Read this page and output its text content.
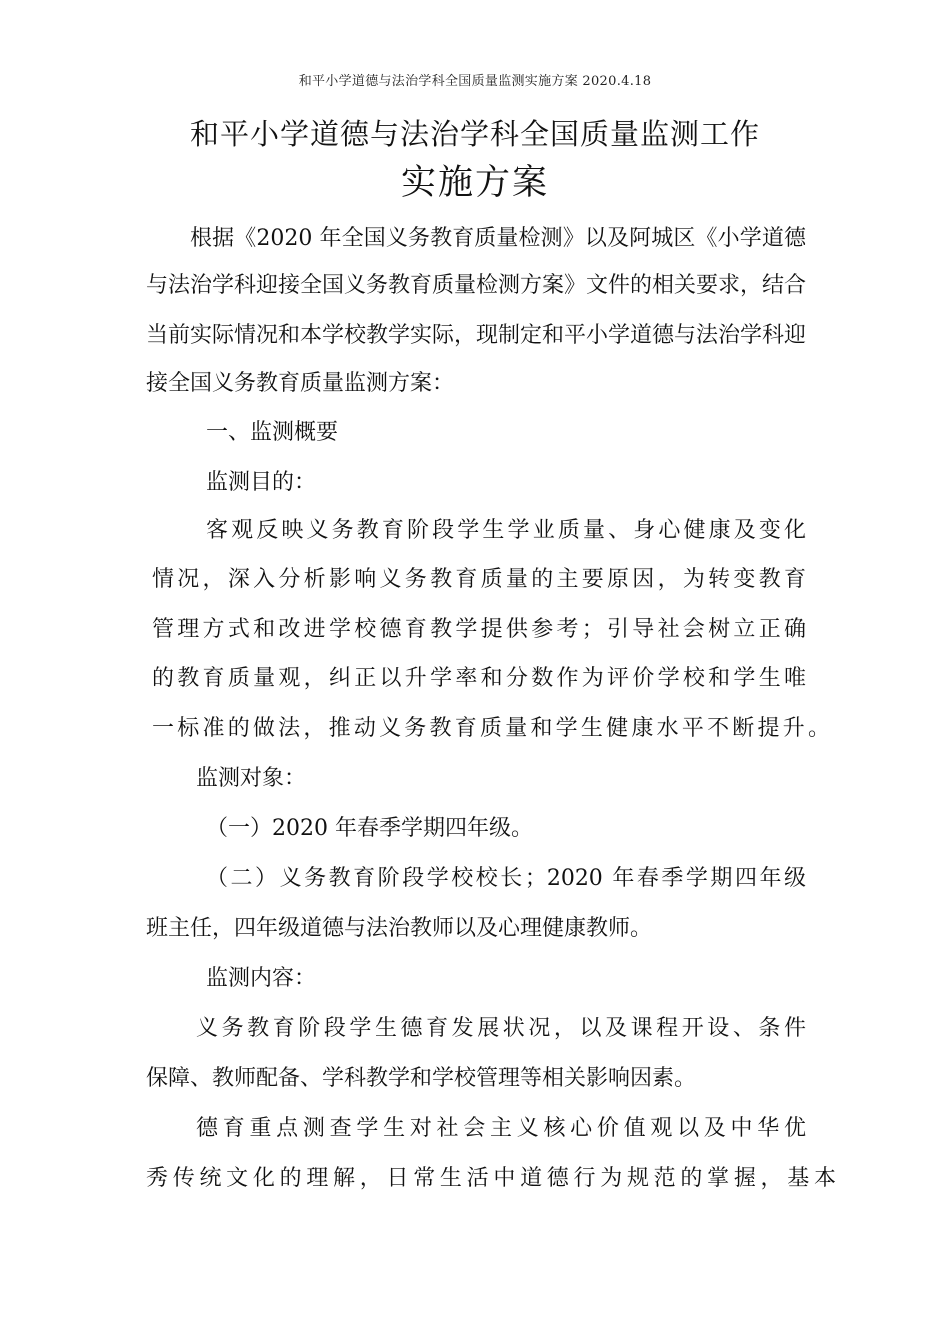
和平小学道德与法治学科全国质量监测实施方案 2020.4.18
和平小学道德与法治学科全国质量监测工作
实施方案
根据《2020 年全国义务教育质量检测》以及阿城区《小学道德
与法治学科迎接全国义务教育质量检测方案》文件的相关要求，结合
当前实际情况和本学校教学实际，现制定和平小学道德与法治学科迎
接全国义务教育质量监测方案：
一、监测概要
监测目的：
客观反映义务教育阶段学生学业质量、身心健康及变化
情况，深入分析影响义务教育质量的主要原因，为转变教育
管理方式和改进学校德育教学提供参考；引导社会树立正确
的教育质量观，纠正以升学率和分数作为评价学校和学生唯
一标准的做法，推动义务教育质量和学生健康水平不断提升。
监测对象：
（一）2020 年春季学期四年级。
（二）义务教育阶段学校校长；2020 年春季学期四年级
班主任，四年级道德与法治教师以及心理健康教师。
监测内容：
义务教育阶段学生德育发展状况，以及课程开设、条件
保障、教师配备、学科教学和学校管理等相关影响因素。
德育重点测查学生对社会主义核心价值观以及中华优
秀传统文化的理解，日常生活中道德行为规范的掌握，基本
